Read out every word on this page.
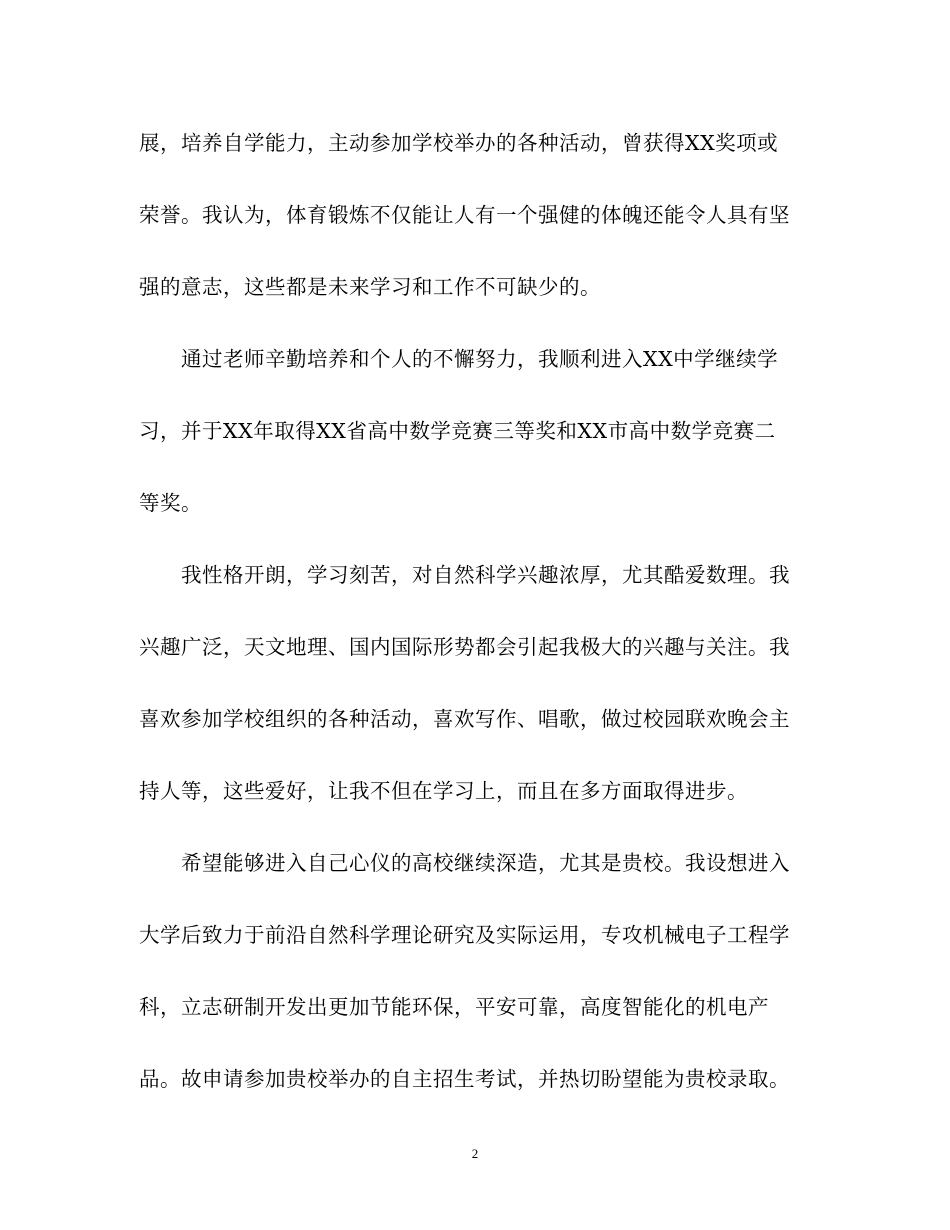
展，培养自学能力，主动参加学校举办的各种活动，曾获得XX奖项或
荣誉。我认为，体育锻炼不仅能让人有一个强健的体魄还能令人具有坚
强的意志，这些都是未来学习和工作不可缺少的。
通过老师辛勤培养和个人的不懈努力，我顺利进入XX中学继续学
习，并于XX年取得XX省高中数学竞赛三等奖和XX市高中数学竞赛二
等奖。
我性格开朗，学习刻苦，对自然科学兴趣浓厚，尤其酷爱数理。我
兴趣广泛，天文地理、国内国际形势都会引起我极大的兴趣与关注。我
喜欢参加学校组织的各种活动，喜欢写作、唱歌，做过校园联欢晚会主
持人等，这些爱好，让我不但在学习上，而且在多方面取得进步。
希望能够进入自己心仪的高校继续深造，尤其是贵校。我设想进入
大学后致力于前沿自然科学理论研究及实际运用，专攻机械电子工程学
科，立志研制开发出更加节能环保，平安可靠，高度智能化的机电产
品。故申请参加贵校举办的自主招生考试，并热切盼望能为贵校录取。
2
